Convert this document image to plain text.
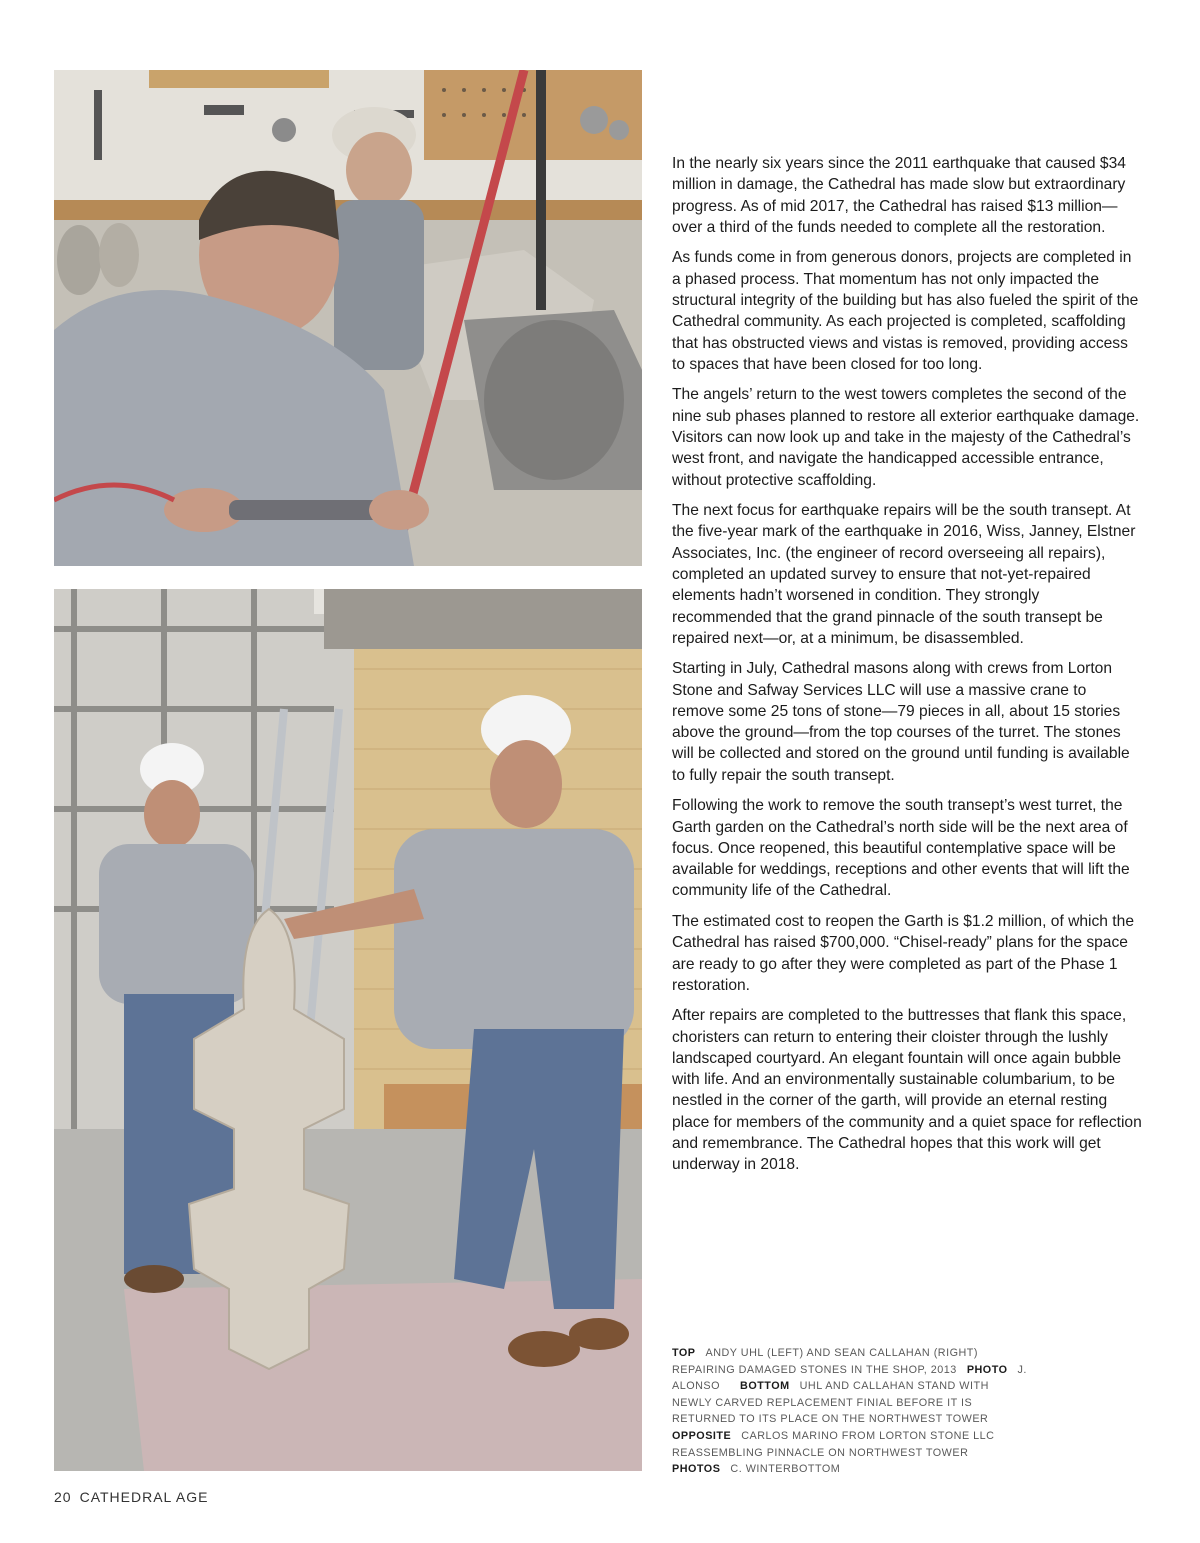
In the nearly six years since the 2011 earthquake that caused $34 million in damage, the Cathedral has made slow but extraordinary progress. As of mid 2017, the Cathedral has raised $13 million—over a third of the funds needed to complete all the restoration.

As funds come in from generous donors, projects are completed in a phased process. That momentum has not only impacted the structural integrity of the building but has also fueled the spirit of the Cathedral community. As each projected is completed, scaffolding that has obstructed views and vistas is removed, providing access to spaces that have been closed for too long.

The angels’ return to the west towers completes the second of the nine sub phases planned to restore all exterior earthquake damage. Visitors can now look up and take in the majesty of the Cathedral’s west front, and navigate the handicapped accessible entrance, without protective scaffolding.

The next focus for earthquake repairs will be the south transept. At the five-year mark of the earthquake in 2016, Wiss, Janney, Elstner Associates, Inc. (the engineer of record overseeing all repairs), completed an updated survey to ensure that not-yet-repaired elements hadn’t worsened in condition. They strongly recommended that the grand pinnacle of the south transept be repaired next—or, at a minimum, be disassembled.

Starting in July, Cathedral masons along with crews from Lorton Stone and Safway Services LLC will use a massive crane to remove some 25 tons of stone—79 pieces in all, about 15 stories above the ground—from the top courses of the turret. The stones will be collected and stored on the ground until funding is available to fully repair the south transept.

Following the work to remove the south transept’s west turret, the Garth garden on the Cathedral’s north side will be the next area of focus. Once reopened, this beautiful contemplative space will be available for weddings, receptions and other events that will lift the community life of the Cathedral.

The estimated cost to reopen the Garth is $1.2 million, of which the Cathedral has raised $700,000. “Chisel-ready” plans for the space are ready to go after they were completed as part of the Phase 1 restoration.

After repairs are completed to the buttresses that flank this space, choristers can return to entering their cloister through the lushly landscaped courtyard. An elegant fountain will once again bubble with life. And an environmentally sustainable columbarium, to be nestled in the corner of the garth, will provide an eternal resting place for members of the community and a quiet space for reflection and remembrance. The Cathedral hopes that this work will get underway in 2018.

TOP ANDY UHL (LEFT) AND SEAN CALLAHAN (RIGHT) REPAIRING DAMAGED STONES IN THE SHOP, 2013 PHOTO J. ALONSO BOTTOM UHL AND CALLAHAN STAND WITH NEWLY CARVED REPLACEMENT FINIAL BEFORE IT IS RETURNED TO ITS PLACE ON THE NORTHWEST TOWEROPPOSITE CARLOS MARINO FROM LORTON STONE LLC REASSEMBLING PINNACLE ON NORTHWEST TOWERPHOTOS C. WINTERBOTTOM
20 CATHEDRAL AGE
